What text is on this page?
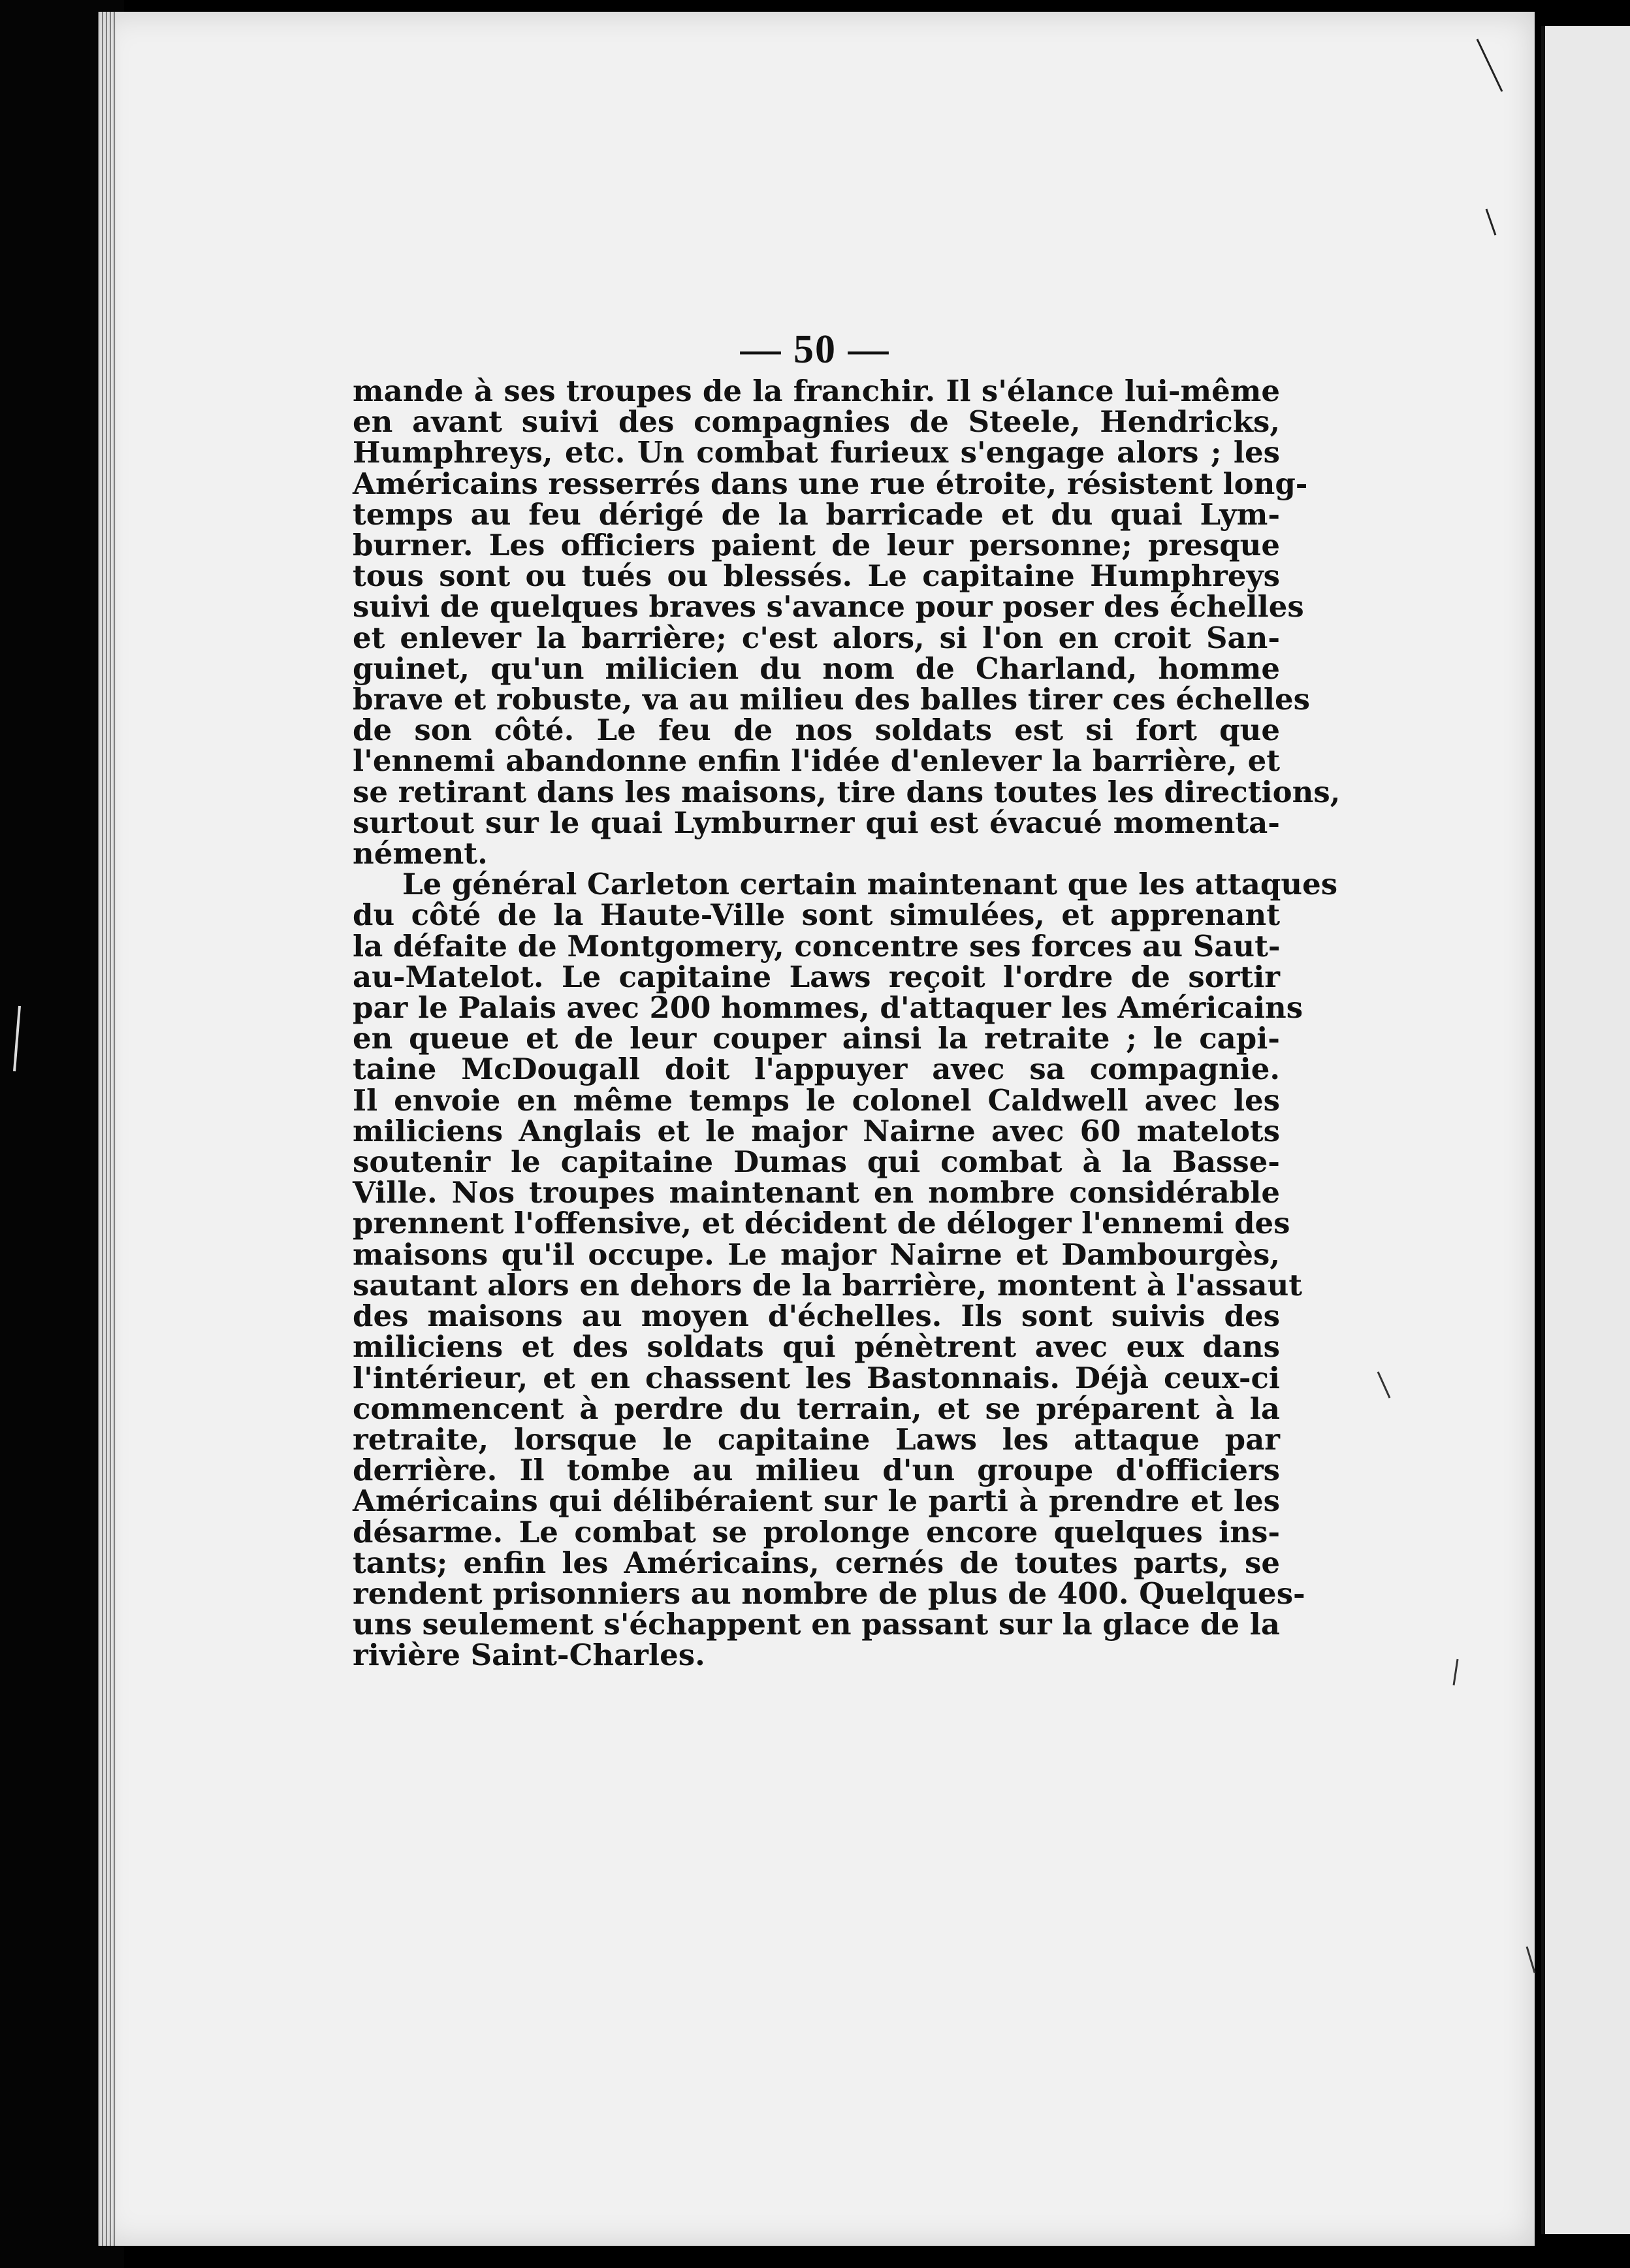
— 50 —
mande à ses troupes de la franchir. Il s'élance lui-même
en avant suivi des compagnies de Steele, Hendricks,
Humphreys, etc. Un combat furieux s'engage alors ; les
Américains resserrés dans une rue étroite, résistent long-
temps au feu dérigé de la barricade et du quai Lym-
burner. Les officiers paient de leur personne; presque
tous sont ou tués ou blessés. Le capitaine Humphreys
suivi de quelques braves s'avance pour poser des échelles
et enlever la barrière; c'est alors, si l'on en croit San-
guinet, qu'un milicien du nom de Charland, homme
brave et robuste, va au milieu des balles tirer ces échelles
de son côté. Le feu de nos soldats est si fort que
l'ennemi abandonne enfin l'idée d'enlever la barrière, et
se retirant dans les maisons, tire dans toutes les directions,
surtout sur le quai Lymburner qui est évacué momenta-
nément.
Le général Carleton certain maintenant que les attaques
du côté de la Haute-Ville sont simulées, et apprenant
la défaite de Montgomery, concentre ses forces au Saut-
au-Matelot. Le capitaine Laws reçoit l'ordre de sortir
par le Palais avec 200 hommes, d'attaquer les Américains
en queue et de leur couper ainsi la retraite ; le capi-
taine McDougall doit l'appuyer avec sa compagnie.
Il envoie en même temps le colonel Caldwell avec les
miliciens Anglais et le major Nairne avec 60 matelots
soutenir le capitaine Dumas qui combat à la Basse-
Ville. Nos troupes maintenant en nombre considérable
prennent l'offensive, et décident de déloger l'ennemi des
maisons qu'il occupe. Le major Nairne et Dambourgès,
sautant alors en dehors de la barrière, montent à l'assaut
des maisons au moyen d'échelles. Ils sont suivis des
miliciens et des soldats qui pénètrent avec eux dans
l'intérieur, et en chassent les Bastonnais. Déjà ceux-ci
commencent à perdre du terrain, et se préparent à la
retraite, lorsque le capitaine Laws les attaque par
derrière. Il tombe au milieu d'un groupe d'officiers
Américains qui délibéraient sur le parti à prendre et les
désarme. Le combat se prolonge encore quelques ins-
tants; enfin les Américains, cernés de toutes parts, se
rendent prisonniers au nombre de plus de 400. Quelques-
uns seulement s'échappent en passant sur la glace de la
rivière Saint-Charles.
